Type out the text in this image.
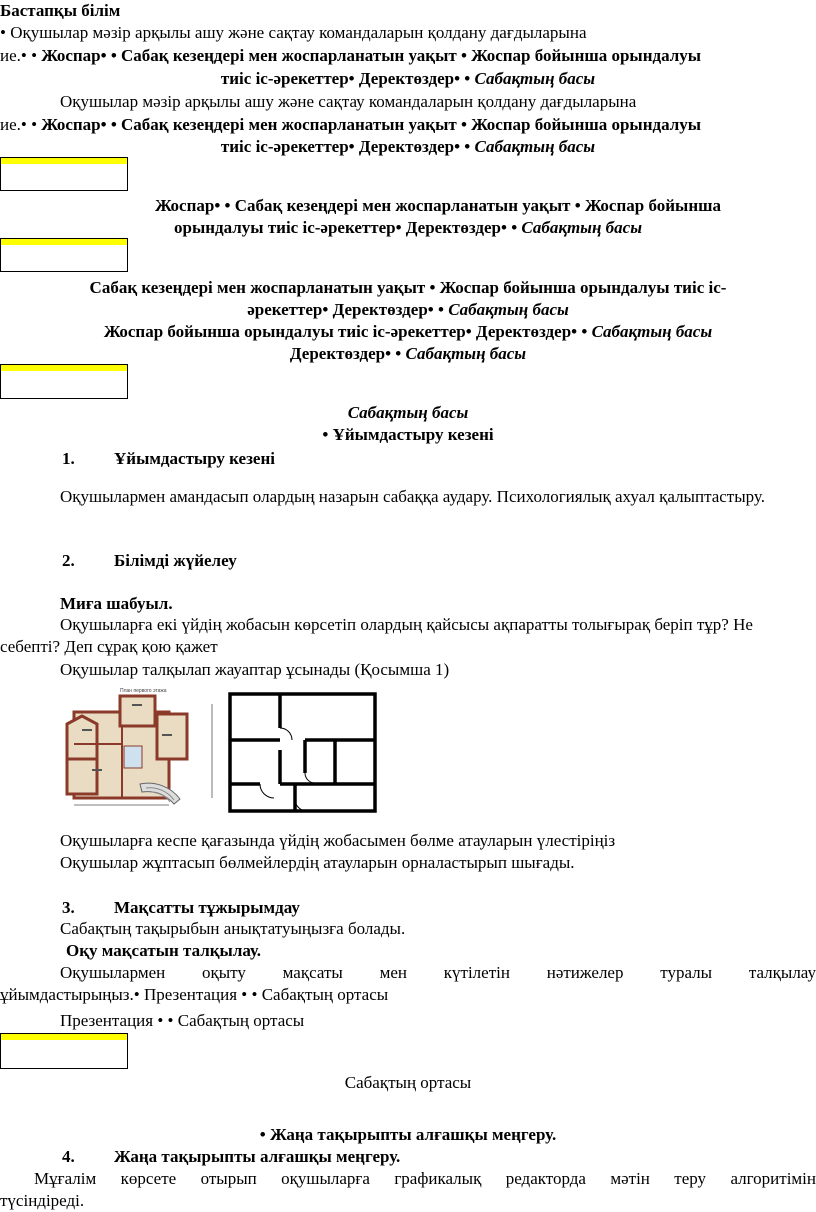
Бастапқы білім
• Оқушылар мәзір арқылы ашу және сақтау командаларын қолдану дағдыларына
ие.• • Жоспар• • Сабақ кезеңдері мен жоспарланатын уақыт • Жоспар бойынша орындалуы
тиіс іс-әрекеттер• Деректөздер• • Сабақтың басы
Оқушылар мәзір арқылы ашу және сақтау командаларын қолдану дағдыларына
ие.• • Жоспар• • Сабақ кезеңдері мен жоспарланатын уақыт • Жоспар бойынша орындалуы
тиіс іс-әрекеттер• Деректөздер• • Сабақтың басы
Жоспар• • Сабақ кезеңдері мен жоспарланатын уақыт • Жоспар бойынша
орындалуы тиіс іс-әрекеттер• Деректөздер• • Сабақтың басы
Сабақ кезеңдері мен жоспарланатын уақыт • Жоспар бойынша орындалуы тиіс іс-
әрекеттер• Деректөздер• • Сабақтың басы
Жоспар бойынша орындалуы тиіс іс-әрекеттер• Деректөздер• • Сабақтың басы
Деректөздер• • Сабақтың басы
Сабақтың басы
• Ұйымдастыру кезені
1. Ұйымдастыру кезені
Оқушылармен амандасып олардың назарын сабаққа аудару. Психологиялық ахуал қалыптастыру.
2. Білімді жүйелеу
Миға шабуыл.
Оқушыларға екі үйдің жобасын көрсетіп олардың қайсысы ақпаратты толығырақ беріп тұр? Не себепті? Деп сұрақ қою қажет
Оқушылар талқылап жауаптар ұсынады (Қосымша 1)
План первого этажа
Оқушыларға кеспе қағазында үйдің жобасымен бөлме атауларын үлестіріңіз
Оқушылар жұптасып бөлмейлердің атауларын орналастырып шығады.
3. Мақсатты тұжырымдау
Сабақтың тақырыбын анықтатуыңызға болады.
Оқу мақсатын талқылау.
Оқушылармен оқыту мақсаты мен күтілетін нәтижелер туралы талқылау
ұйымдастырыңыз.• Презентация • • Сабақтың ортасы
Презентация • • Сабақтың ортасы
Сабақтың ортасы
• Жаңа тақырыпты алғашқы меңгеру.
4. Жаңа тақырыпты алғашқы меңгеру.
Мұғалім көрсете отырып оқушыларға графикалық редакторда мәтін теру алгоритімін
түсіндіреді.
